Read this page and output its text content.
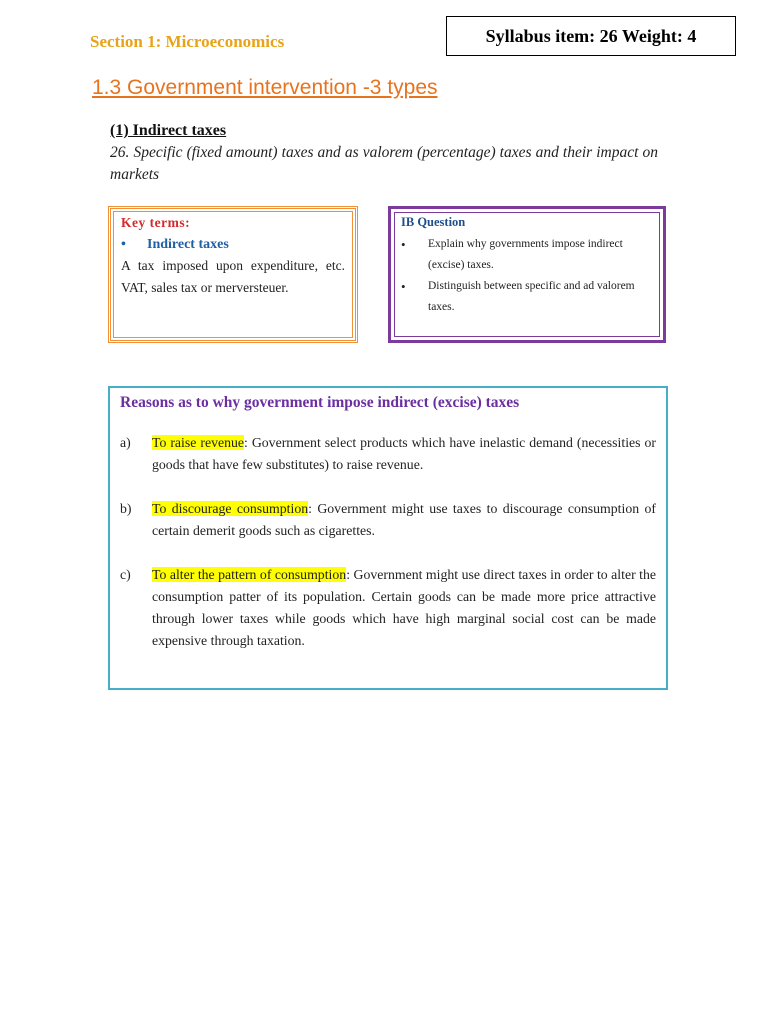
Section 1: Microeconomics	Syllabus item: 26 Weight: 4
1.3 Government intervention -3 types
(1) Indirect taxes
26. Specific (fixed amount) taxes and as valorem (percentage) taxes and their impact on markets
Key terms:
•	Indirect taxes
A tax imposed upon expenditure, etc. VAT, sales tax or merversteuer.
IB Question
•	Explain why governments impose indirect (excise) taxes.
•	Distinguish between specific and ad valorem taxes.
Reasons as to why government impose indirect (excise) taxes
a)	To raise revenue: Government select products which have inelastic demand (necessities or goods that have few substitutes) to raise revenue.
b)	To discourage consumption: Government might use taxes to discourage consumption of certain demerit goods such as cigarettes.
c)	To alter the pattern of consumption: Government might use direct taxes in order to alter the consumption patter of its population. Certain goods can be made more price attractive through lower taxes while goods which have high marginal social cost can be made expensive through taxation.
